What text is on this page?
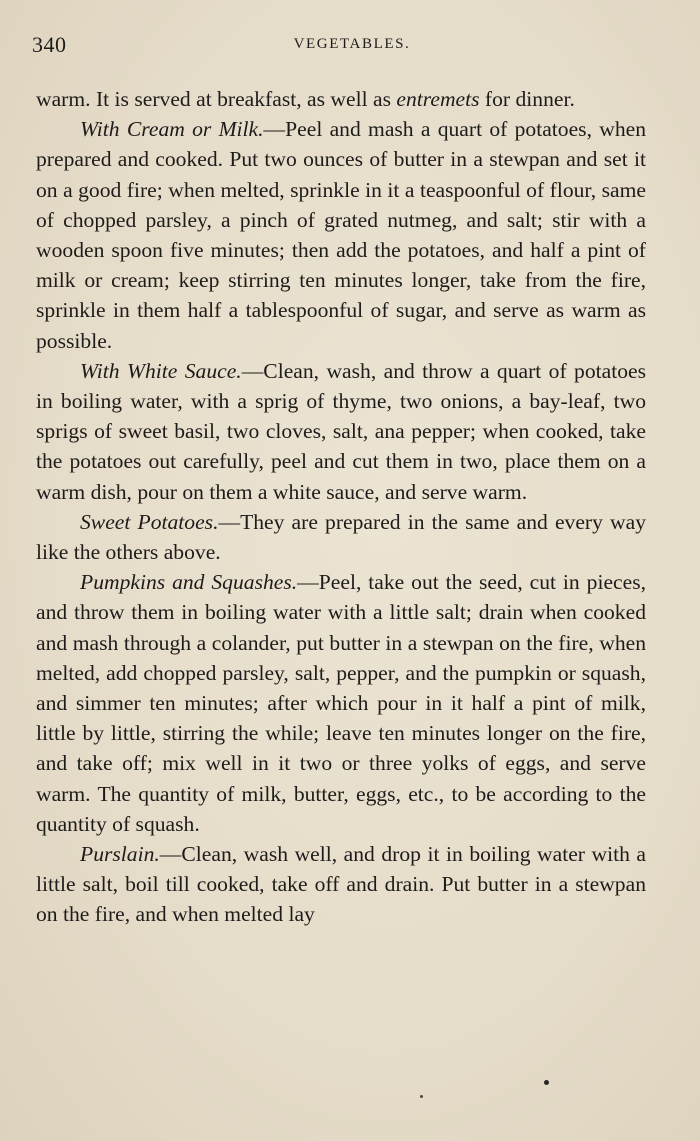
340	VEGETABLES.

warm. It is served at breakfast, as well as entremets for dinner.

With Cream or Milk.—Peel and mash a quart of potatoes, when prepared and cooked. Put two ounces of butter in a stewpan and set it on a good fire; when melted, sprinkle in it a teaspoonful of flour, same of chopped parsley, a pinch of grated nutmeg, and salt; stir with a wooden spoon five minutes; then add the potatoes, and half a pint of milk or cream; keep stirring ten minutes longer, take from the fire, sprinkle in them half a tablespoonful of sugar, and serve as warm as possible.

With White Sauce.—Clean, wash, and throw a quart of potatoes in boiling water, with a sprig of thyme, two onions, a bay-leaf, two sprigs of sweet basil, two cloves, salt, ana pepper; when cooked, take the potatoes out carefully, peel and cut them in two, place them on a warm dish, pour on them a white sauce, and serve warm.

Sweet Potatoes.—They are prepared in the same and every way like the others above.

Pumpkins and Squashes.—Peel, take out the seed, cut in pieces, and throw them in boiling water with a little salt; drain when cooked and mash through a colander, put butter in a stewpan on the fire, when melted, add chopped parsley, salt, pepper, and the pumpkin or squash, and simmer ten minutes; after which pour in it half a pint of milk, little by little, stirring the while; leave ten minutes longer on the fire, and take off; mix well in it two or three yolks of eggs, and serve warm. The quantity of milk, butter, eggs, etc., to be according to the quantity of squash.

Purslain.—Clean, wash well, and drop it in boiling water with a little salt, boil till cooked, take off and drain. Put butter in a stewpan on the fire, and when melted lay
